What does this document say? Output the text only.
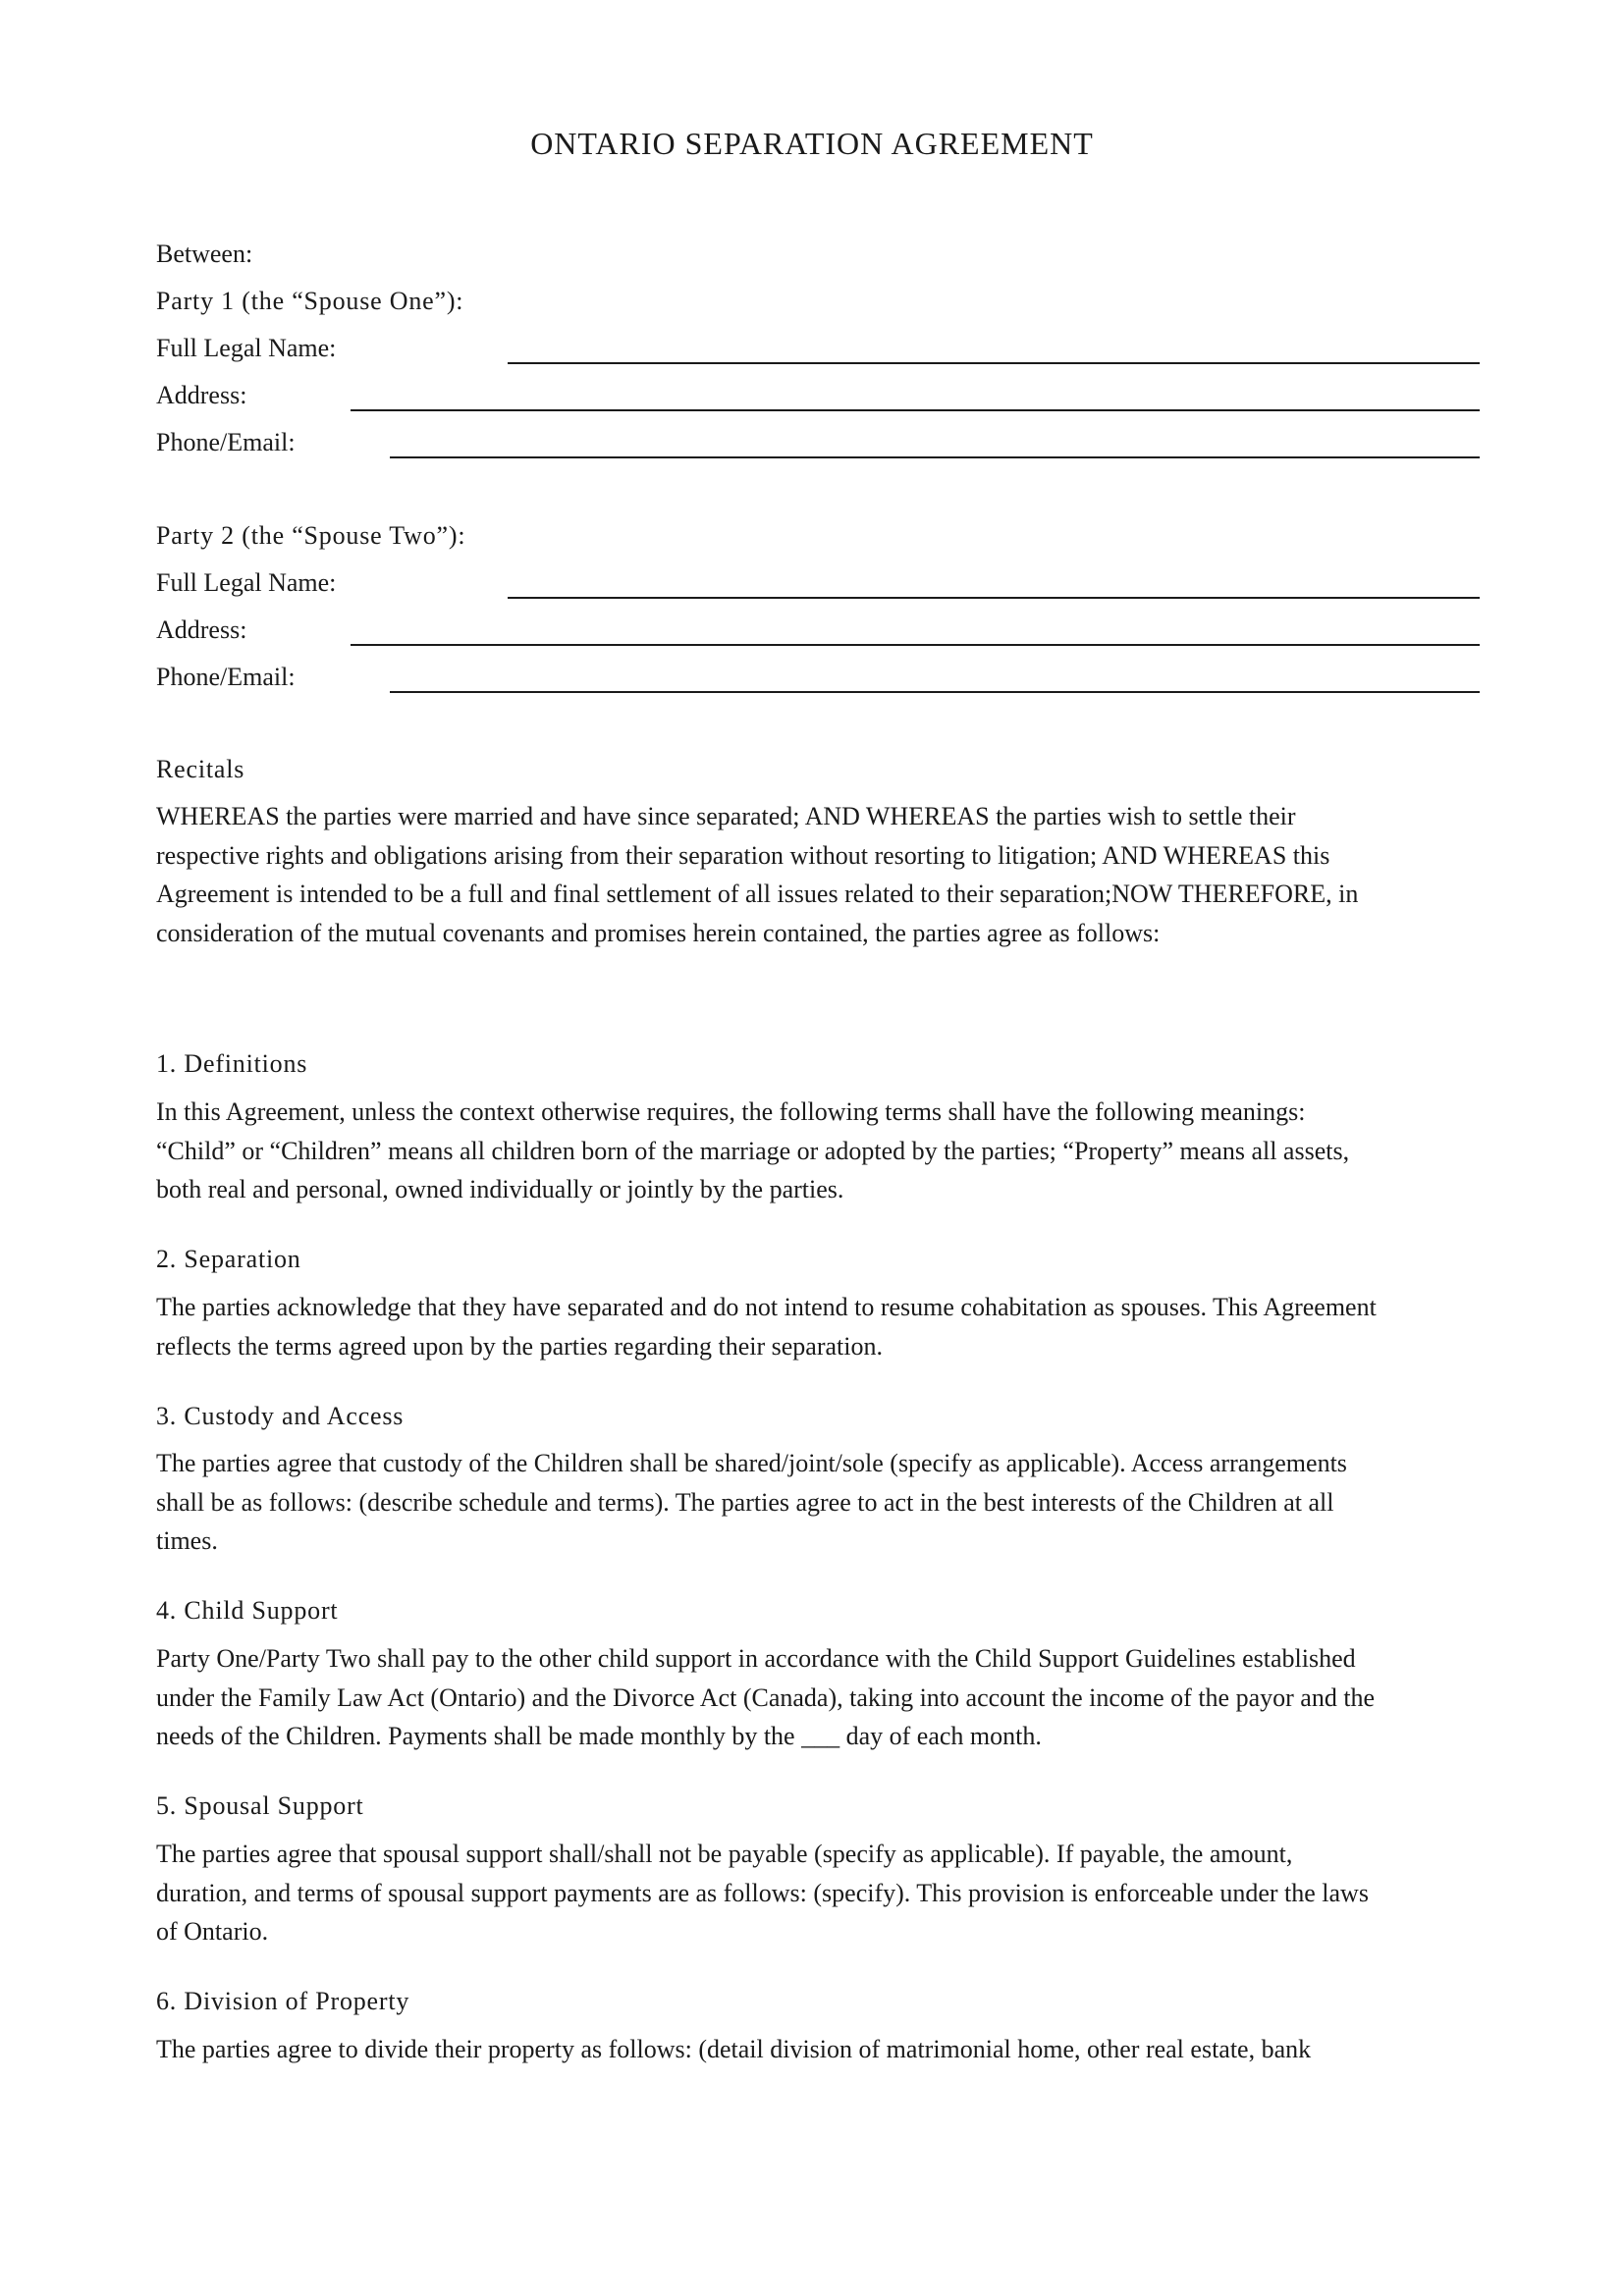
ONTARIO SEPARATION AGREEMENT
Between:
Party 1 (the “Spouse One”):
Full Legal Name:
Address:
Phone/Email:
Party 2 (the “Spouse Two”):
Full Legal Name:
Address:
Phone/Email:
Recitals
WHEREAS the parties were married and have since separated; AND WHEREAS the parties wish to settle their
respective rights and obligations arising from their separation without resorting to litigation; AND WHEREAS this
Agreement is intended to be a full and final settlement of all issues related to their separation;NOW THEREFORE, in
consideration of the mutual covenants and promises herein contained, the parties agree as follows:
1. Definitions
In this Agreement, unless the context otherwise requires, the following terms shall have the following meanings:
“Child” or “Children” means all children born of the marriage or adopted by the parties; “Property” means all assets,
both real and personal, owned individually or jointly by the parties.
2. Separation
The parties acknowledge that they have separated and do not intend to resume cohabitation as spouses. This Agreement
reflects the terms agreed upon by the parties regarding their separation.
3. Custody and Access
The parties agree that custody of the Children shall be shared/joint/sole (specify as applicable). Access arrangements
shall be as follows: (describe schedule and terms). The parties agree to act in the best interests of the Children at all
times.
4. Child Support
Party One/Party Two shall pay to the other child support in accordance with the Child Support Guidelines established
under the Family Law Act (Ontario) and the Divorce Act (Canada), taking into account the income of the payor and the
needs of the Children. Payments shall be made monthly by the ___ day of each month.
5. Spousal Support
The parties agree that spousal support shall/shall not be payable (specify as applicable). If payable, the amount,
duration, and terms of spousal support payments are as follows: (specify). This provision is enforceable under the laws
of Ontario.
6. Division of Property
The parties agree to divide their property as follows: (detail division of matrimonial home, other real estate, bank
